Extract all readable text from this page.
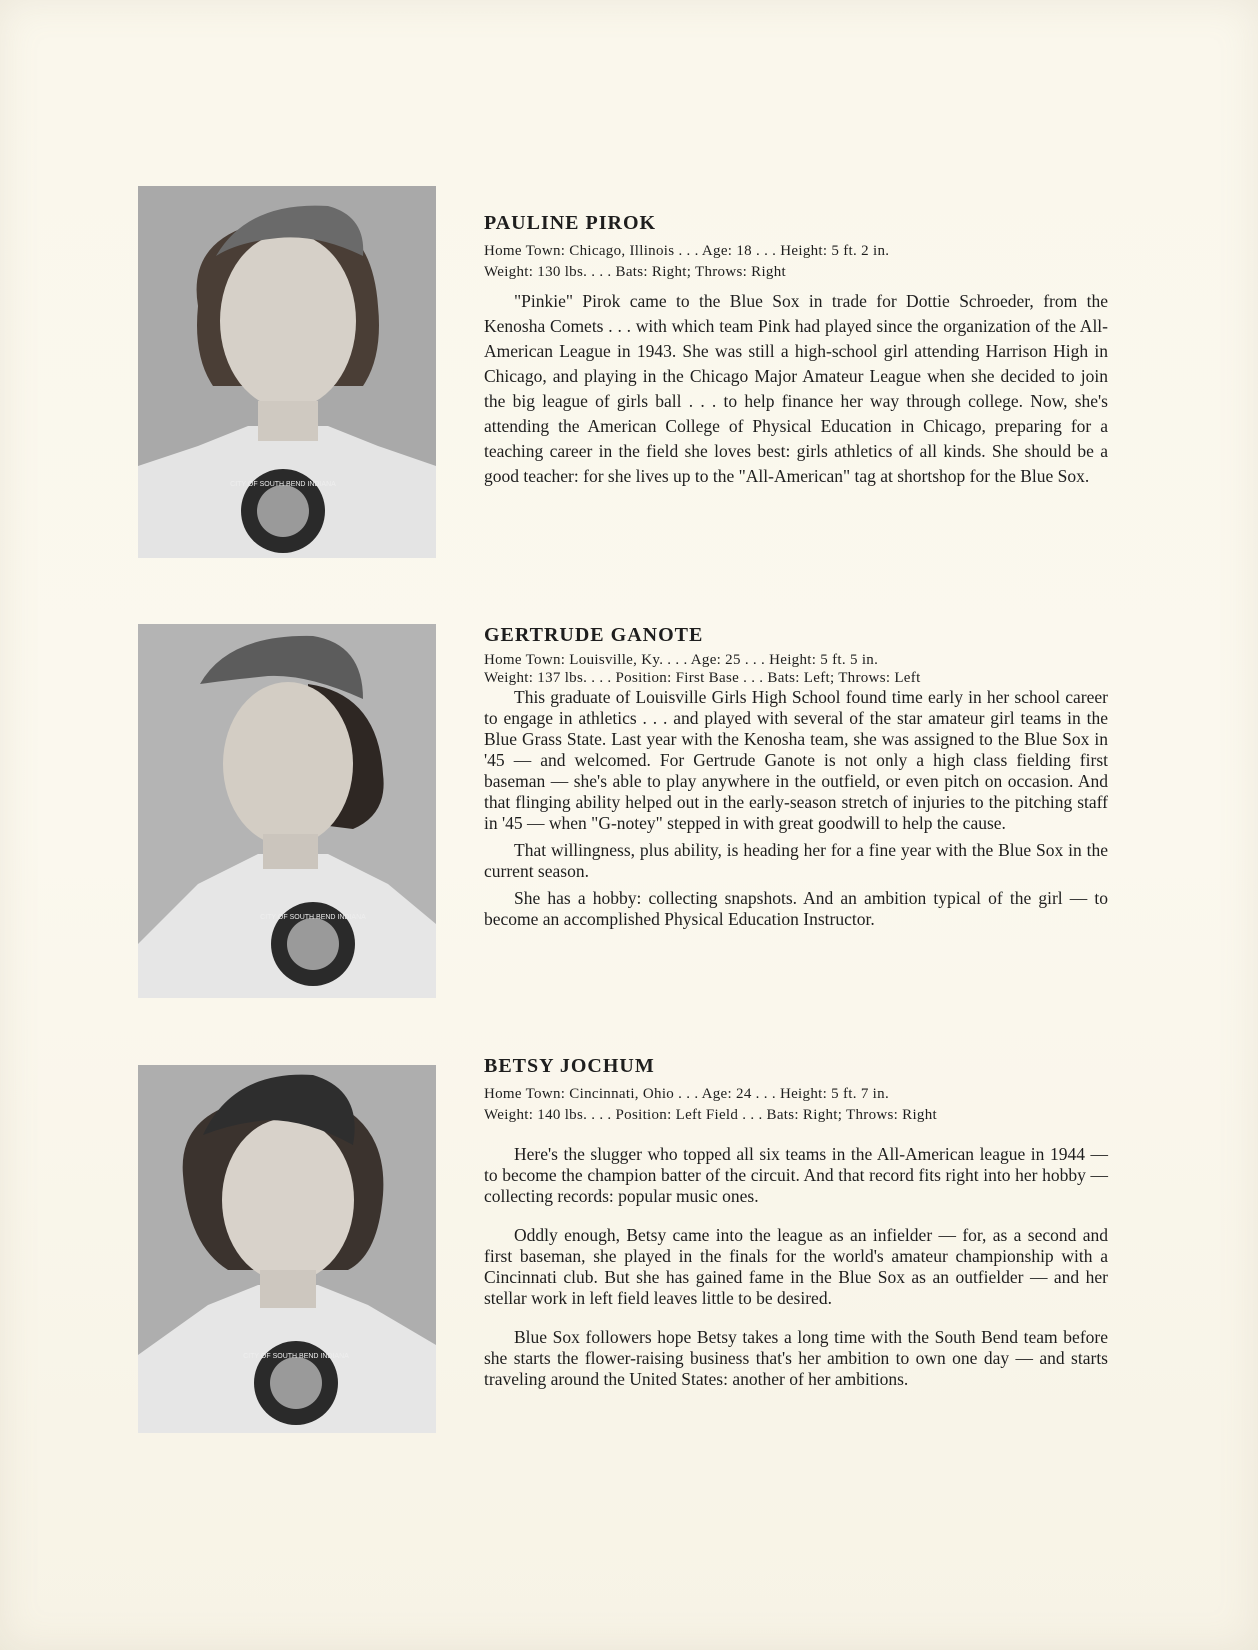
CITY OF SOUTH BEND INDIANA
PAULINE PIROK

Home Town: Chicago, Illinois . . . Age: 18 . . . Height: 5 ft. 2 in.

Weight: 130 lbs. . . . Bats: Right; Throws: Right

"Pinkie" Pirok came to the Blue Sox in trade for Dottie Schroeder, from the Kenosha Comets . . . with which team Pink had played since the organization of the All-American League in 1943. She was still a high-school girl attending Harrison High in Chicago, and playing in the Chicago Major Amateur League when she decided to join the big league of girls ball . . . to help finance her way through college. Now, she's attending the American College of Physical Education in Chicago, preparing for a teaching career in the field she loves best: girls athletics of all kinds. She should be a good teacher: for she lives up to the "All-American" tag at shortshop for the Blue Sox.

CITY OF SOUTH BEND INDIANA
GERTRUDE GANOTE

Home Town: Louisville, Ky. . . . Age: 25 . . . Height: 5 ft. 5 in.

Weight: 137 lbs. . . . Position: First Base . . . Bats: Left; Throws: Left

This graduate of Louisville Girls High School found time early in her school career to engage in athletics . . . and played with several of the star amateur girl teams in the Blue Grass State. Last year with the Kenosha team, she was assigned to the Blue Sox in '45 — and welcomed. For Gertrude Ganote is not only a high class fielding first baseman — she's able to play anywhere in the outfield, or even pitch on occasion. And that flinging ability helped out in the early-season stretch of injuries to the pitching staff in '45 — when "G-notey" stepped in with great goodwill to help the cause.

That willingness, plus ability, is heading her for a fine year with the Blue Sox in the current season.

She has a hobby: collecting snapshots. And an ambition typical of the girl — to become an accomplished Physical Education Instructor.

CITY OF SOUTH BEND INDIANA
BETSY JOCHUM

Home Town: Cincinnati, Ohio . . . Age: 24 . . . Height: 5 ft. 7 in.

Weight: 140 lbs. . . . Position: Left Field . . . Bats: Right; Throws: Right

Here's the slugger who topped all six teams in the All-American league in 1944 — to become the champion batter of the circuit. And that record fits right into her hobby — collecting records: popular music ones.

Oddly enough, Betsy came into the league as an infielder — for, as a second and first baseman, she played in the finals for the world's amateur championship with a Cincinnati club. But she has gained fame in the Blue Sox as an outfielder — and her stellar work in left field leaves little to be desired.

Blue Sox followers hope Betsy takes a long time with the South Bend team before she starts the flower-raising business that's her ambition to own one day — and starts traveling around the United States: another of her ambitions.
